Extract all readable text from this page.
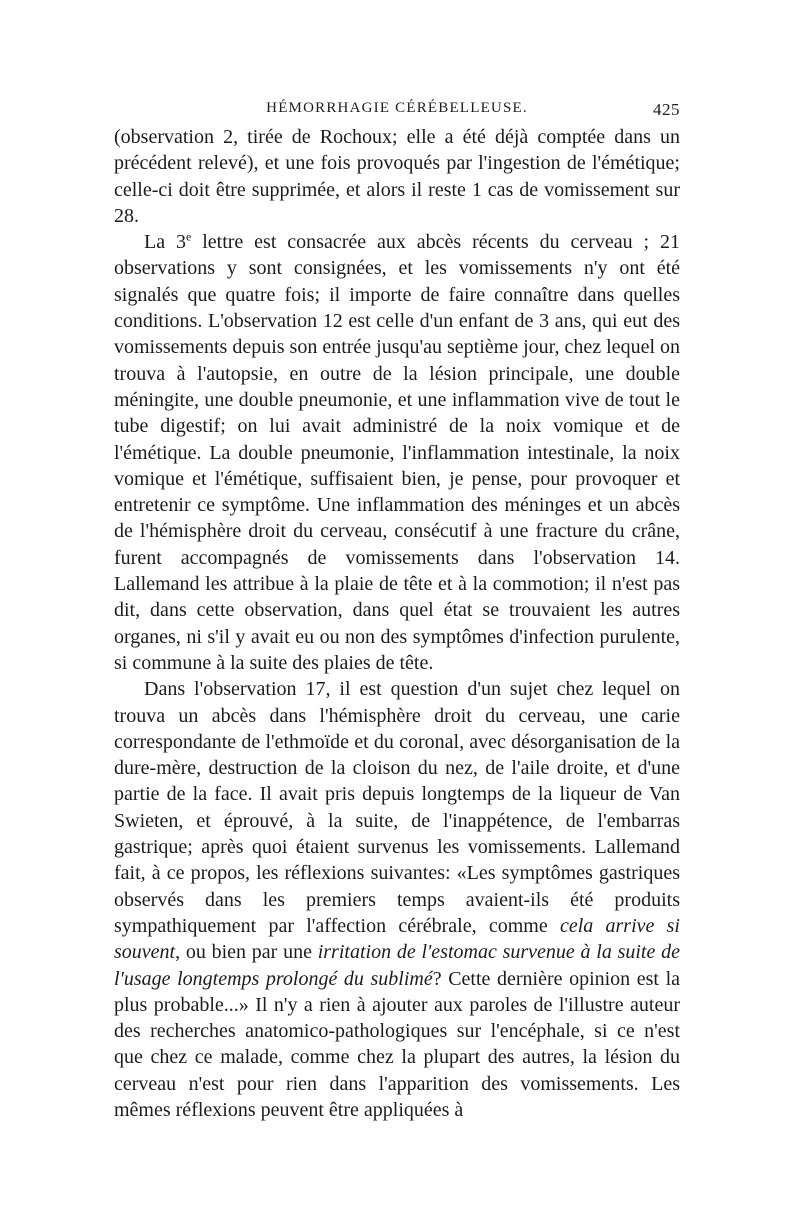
HÉMORRHAGIE CÉRÉBELLEUSE.	425

(observation 2, tirée de Rochoux; elle a été déjà comptée dans un précédent relevé), et une fois provoqués par l'ingestion de l'émétique; celle-ci doit être supprimée, et alors il reste 1 cas de vomissement sur 28.

La 3e lettre est consacrée aux abcès récents du cerveau ; 21 observations y sont consignées, et les vomissements n'y ont été signalés que quatre fois; il importe de faire connaître dans quelles conditions. L'observation 12 est celle d'un enfant de 3 ans, qui eut des vomissements depuis son entrée jusqu'au septième jour, chez lequel on trouva à l'autopsie, en outre de la lésion principale, une double méningite, une double pneumonie, et une inflammation vive de tout le tube digestif; on lui avait administré de la noix vomique et de l'émétique. La double pneumonie, l'inflammation intestinale, la noix vomique et l'émétique, suffisaient bien, je pense, pour provoquer et entretenir ce symptôme. Une inflammation des méninges et un abcès de l'hémisphère droit du cerveau, consécutif à une fracture du crâne, furent accompagnés de vomissements dans l'observation 14. Lallemand les attribue à la plaie de tête et à la commotion; il n'est pas dit, dans cette observation, dans quel état se trouvaient les autres organes, ni s'il y avait eu ou non des symptômes d'infection purulente, si commune à la suite des plaies de tête.

Dans l'observation 17, il est question d'un sujet chez lequel on trouva un abcès dans l'hémisphère droit du cerveau, une carie correspondante de l'ethmoïde et du coronal, avec désorganisation de la dure-mère, destruction de la cloison du nez, de l'aile droite, et d'une partie de la face. Il avait pris depuis longtemps de la liqueur de Van Swieten, et éprouvé, à la suite, de l'inappétence, de l'embarras gastrique; après quoi étaient survenus les vomissements. Lallemand fait, à ce propos, les réflexions suivantes: «Les symptômes gastriques observés dans les premiers temps avaient-ils été produits sympathiquement par l'affection cérébrale, comme cela arrive si souvent, ou bien par une irritation de l'estomac survenue à la suite de l'usage longtemps prolongé du sublimé? Cette dernière opinion est la plus probable...» Il n'y a rien à ajouter aux paroles de l'illustre auteur des recherches anatomico-pathologiques sur l'encéphale, si ce n'est que chez ce malade, comme chez la plupart des autres, la lésion du cerveau n'est pour rien dans l'apparition des vomissements. Les mêmes réflexions peuvent être appliquées à
